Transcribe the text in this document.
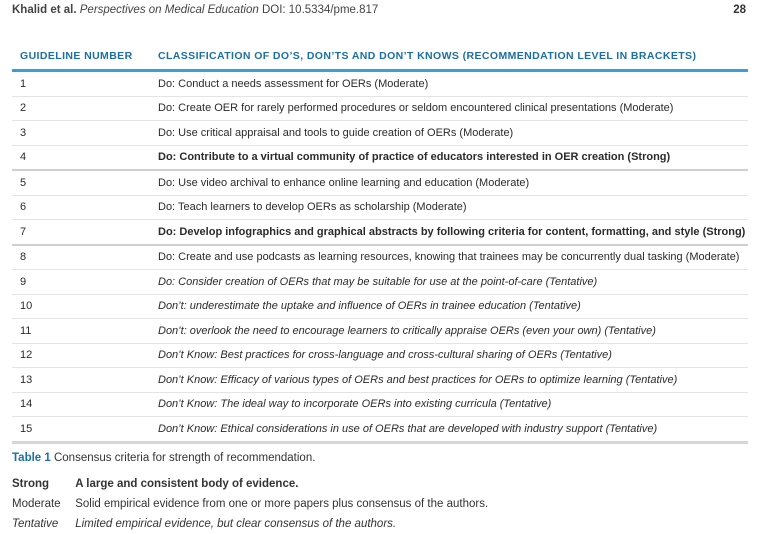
Khalid et al. Perspectives on Medical Education DOI: 10.5334/pme.817	28
GUIDELINE NUMBER	CLASSIFICATION OF DO’S, DON’TS AND DON’T KNOWS (RECOMMENDATION LEVEL IN BRACKETS)
1	Do: Conduct a needs assessment for OERs (Moderate)
2	Do: Create OER for rarely performed procedures or seldom encountered clinical presentations (Moderate)
3	Do: Use critical appraisal and tools to guide creation of OERs (Moderate)
4	Do: Contribute to a virtual community of practice of educators interested in OER creation (Strong)
5	Do: Use video archival to enhance online learning and education (Moderate)
6	Do: Teach learners to develop OERs as scholarship (Moderate)
7	Do: Develop infographics and graphical abstracts by following criteria for content, formatting, and style (Strong)
8	Do: Create and use podcasts as learning resources, knowing that trainees may be concurrently dual tasking (Moderate)
9	Do: Consider creation of OERs that may be suitable for use at the point-of-care (Tentative)
10	Don’t: underestimate the uptake and influence of OERs in trainee education (Tentative)
11	Don’t: overlook the need to encourage learners to critically appraise OERs (even your own) (Tentative)
12	Don’t Know: Best practices for cross-language and cross-cultural sharing of OERs (Tentative)
13	Don’t Know: Efficacy of various types of OERs and best practices for OERs to optimize learning (Tentative)
14	Don’t Know: The ideal way to incorporate OERs into existing curricula (Tentative)
15	Don’t Know: Ethical considerations in use of OERs that are developed with industry support (Tentative)
Table 1 Consensus criteria for strength of recommendation.
Strong A large and consistent body of evidence.
Moderate Solid empirical evidence from one or more papers plus consensus of the authors.
Tentative Limited empirical evidence, but clear consensus of the authors.
